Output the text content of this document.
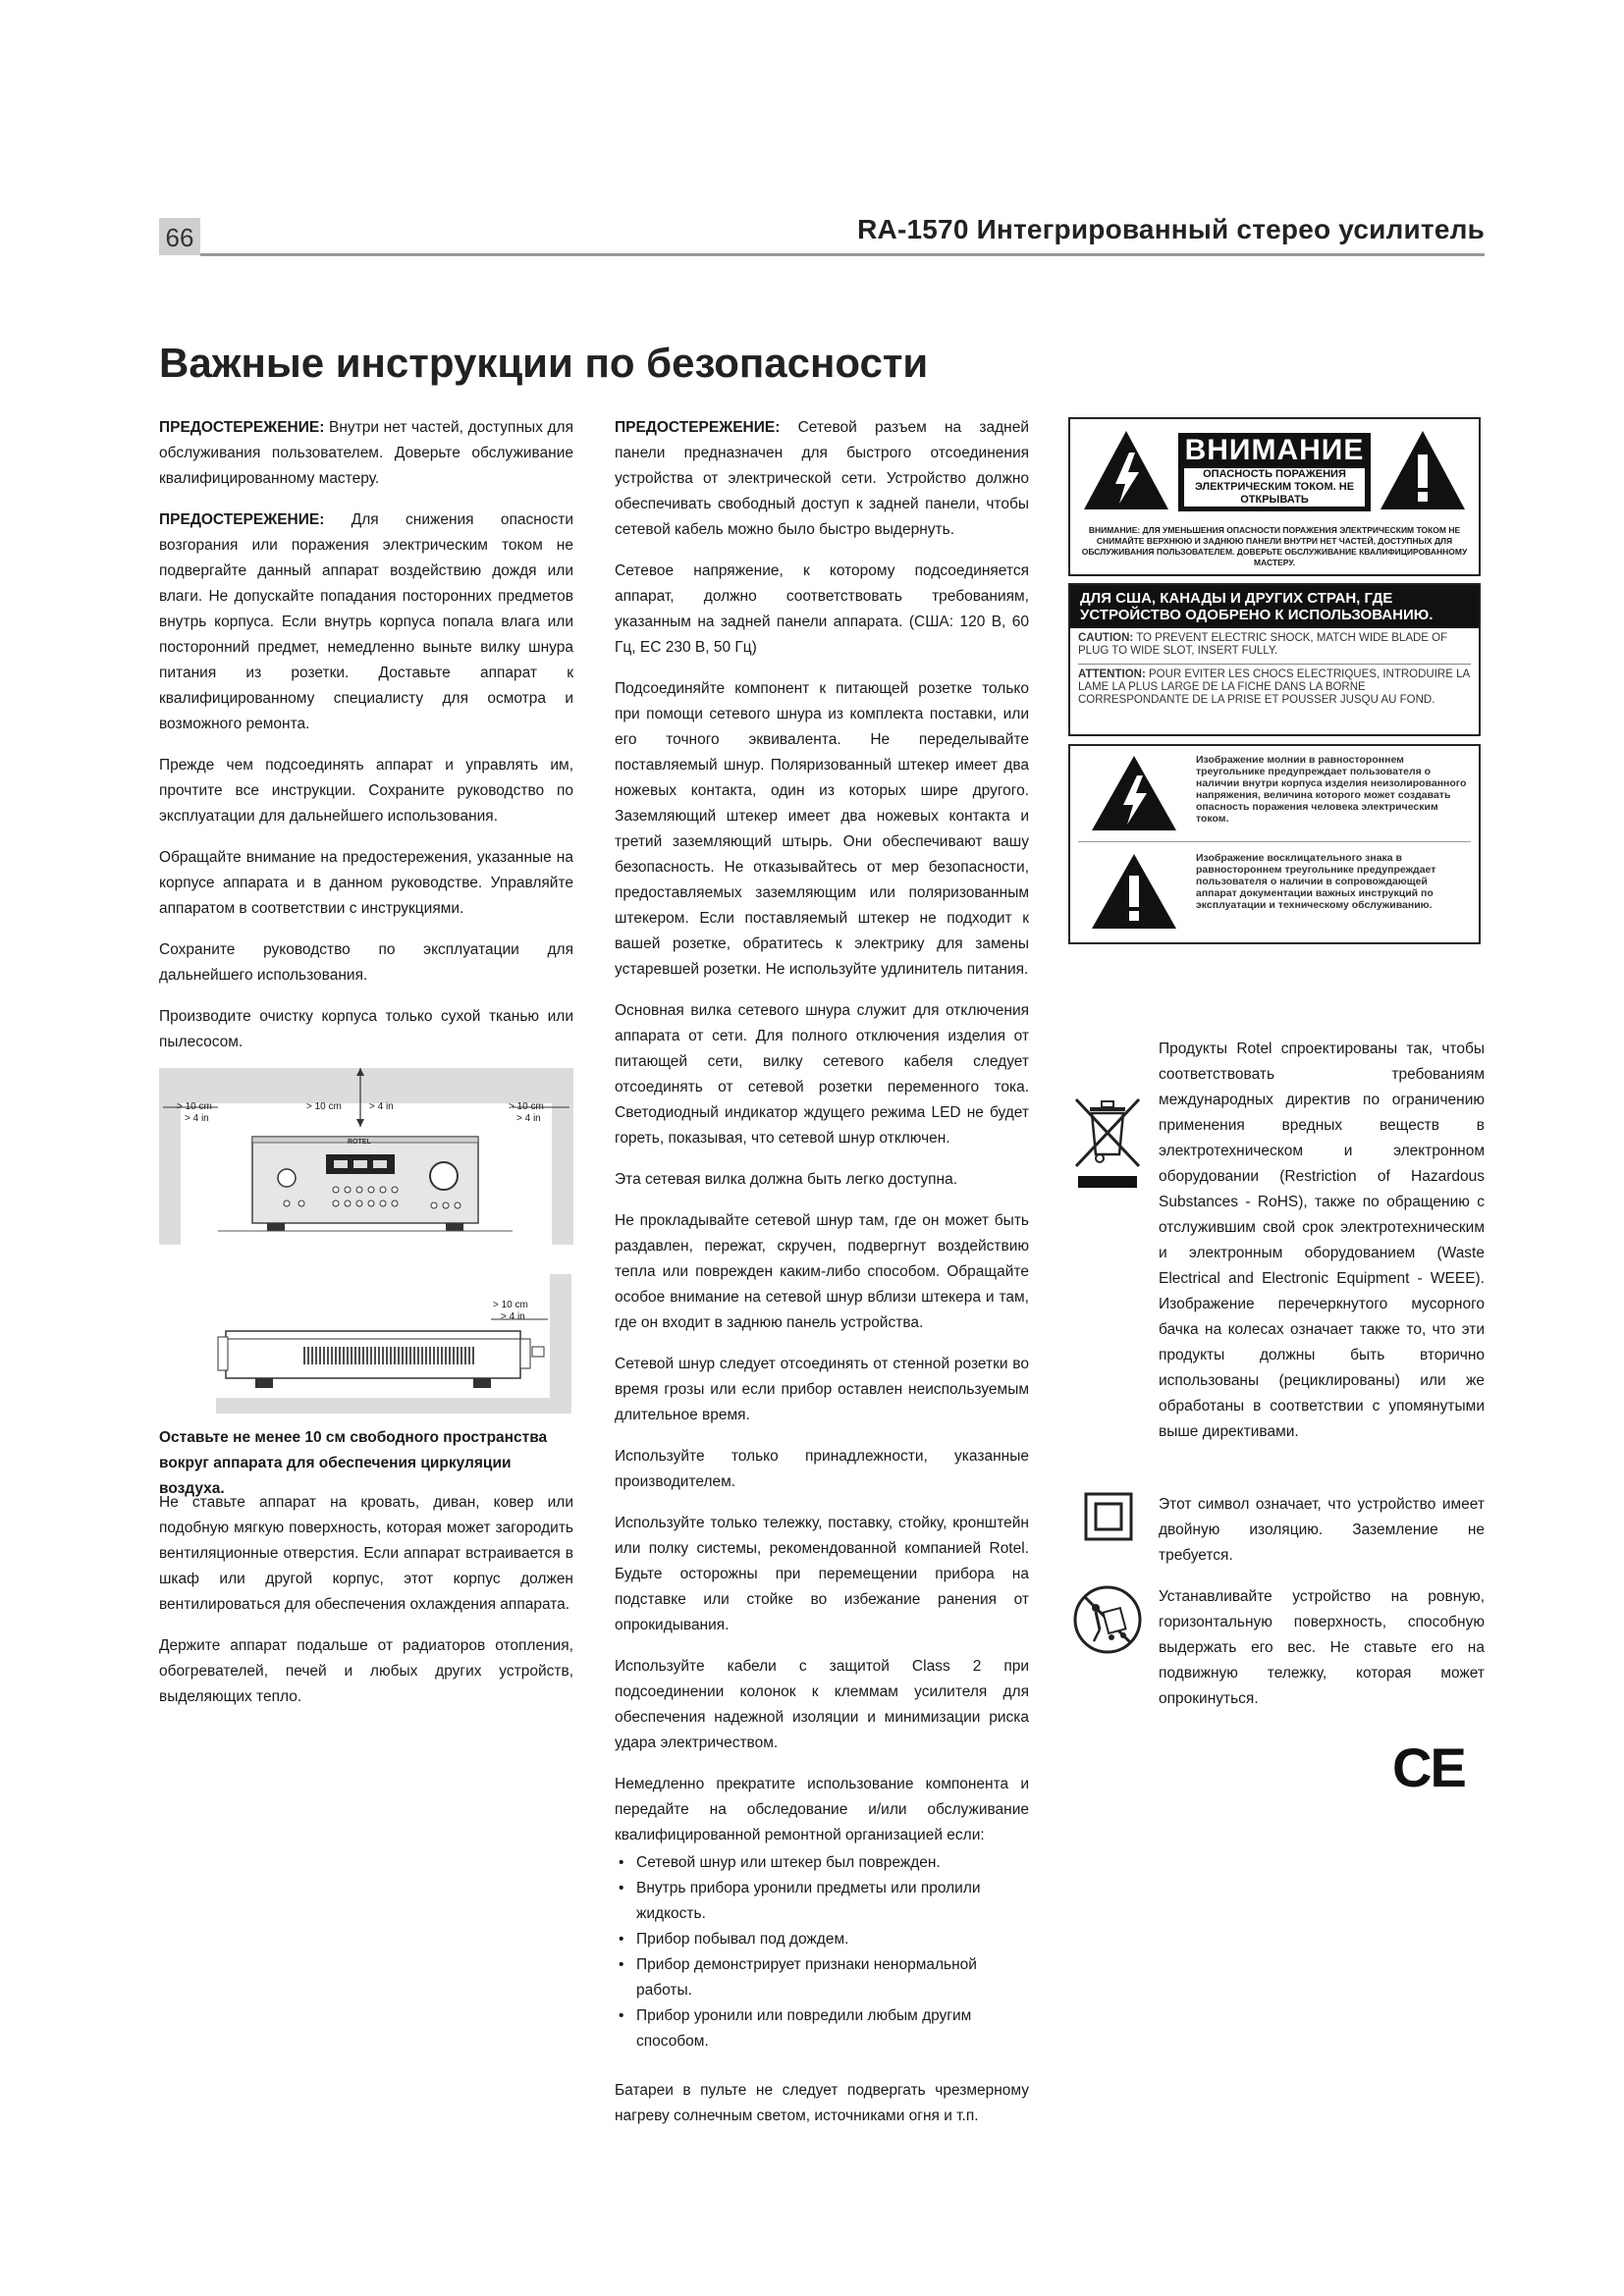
66	RA-1570 Интегрированный стерео усилитель
Важные инструкции по безопасности

ПРЕДОСТЕРЕЖЕНИЕ: Внутри нет частей, доступных для обслуживания пользователем. Доверьте обслуживание квалифицированному мастеру.

ПРЕДОСТЕРЕЖЕНИЕ: Для снижения опасности возгорания или поражения электрическим током не подвергайте данный аппарат воздействию дождя или влаги. Не допускайте попадания посторонних предметов внутрь корпуса. Если внутрь корпуса попала влага или посторонний предмет, немедленно выньте вилку шнура питания из розетки. Доставьте аппарат к квалифицированному специалисту для осмотра и возможного ремонта.

Прежде чем подсоединять аппарат и управлять им, прочтите все инструкции. Сохраните руководство по эксплуатации для дальнейшего использования.

Обращайте внимание на предостережения, указанные на корпусе аппарата и в данном руководстве. Управляйте аппаратом в соответствии с инструкциями.

Сохраните руководство по эксплуатации для дальнейшего использования.

Производите очистку корпуса только сухой тканью или пылесосом.

> 10 cm
> 4 in
> 10 cm	> 4 in	> 10 cm
> 4 in
ROTEL
> 10 cm
> 4 in
Оставьте не менее 10 см свободного пространства вокруг аппарата для обеспечения циркуляции воздуха.

Не ставьте аппарат на кровать, диван, ковер или подобную мягкую поверхность, которая может загородить вентиляционные отверстия. Если аппарат встраивается в шкаф или другой корпус, этот корпус должен вентилироваться для обеспечения охлаждения аппарата.

Держите аппарат подальше от радиаторов отопления, обогревателей, печей и любых других устройств, выделяющих тепло.

ПРЕДОСТЕРЕЖЕНИЕ: Сетевой разъем на задней панели предназначен для быстрого отсоединения устройства от электрической сети. Устройство должно обеспечивать свободный доступ к задней панели, чтобы сетевой кабель можно было быстро выдернуть.

Сетевое напряжение, к которому подсоединяется аппарат, должно соответствовать требованиям, указанным на задней панели аппарата. (США: 120 В, 60 Гц, ЕС 230 В, 50 Гц)

Подсоединяйте компонент к питающей розетке только при помощи сетевого шнура из комплекта поставки, или его точного эквивалента. Не переделывайте поставляемый шнур. Поляризованный штекер имеет два ножевых контакта, один из которых шире другого. Заземляющий штекер имеет два ножевых контакта и третий заземляющий штырь. Они обеспечивают вашу безопасность. Не отказывайтесь от мер безопасности, предоставляемых заземляющим или поляризованным штекером. Если поставляемый штекер не подходит к вашей розетке, обратитесь к электрику для замены устаревшей розетки. Не используйте удлинитель питания.

Основная вилка сетевого шнура служит для отключения аппарата от сети. Для полного отключения изделия от питающей сети, вилку сетевого кабеля следует отсоединять от сетевой розетки переменного тока. Светодиодный индикатор ждущего режима LED не будет гореть, показывая, что сетевой шнур отключен.

Эта сетевая вилка должна быть легко доступна.

Не прокладывайте сетевой шнур там, где он может быть раздавлен, пережат, скручен, подвергнут воздействию тепла или поврежден каким-либо способом. Обращайте особое внимание на сетевой шнур вблизи штекера и там, где он входит в заднюю панель устройства.

Сетевой шнур следует отсоединять от стенной розетки во время грозы или если прибор оставлен неиспользуемым длительное время.

Используйте только принадлежности, указанные производителем.

Используйте только тележку, поставку, стойку, кронштейн или полку системы, рекомендованной компанией Rotel. Будьте осторожны при перемещении прибора на подставке или стойке во избежание ранения от опрокидывания.

Используйте кабели с защитой Class 2 при подсоединении колонок к клеммам усилителя для обеспечения надежной изоляции и минимизации риска удара электричеством.

Немедленно прекратите использование компонента и передайте на обследование и/или обслуживание квалифицированной ремонтной организацией если:

• Сетевой шнур или штекер был поврежден.
• Внутрь прибора уронили предметы или пролили жидкость.
• Прибор побывал под дождем.
• Прибор демонстрирует признаки ненормальной работы.
• Прибор уронили или повредили любым другим способом.

Батареи в пульте не следует подвергать чрезмерному нагреву солнечным светом, источниками огня и т.п.

ВНИМАНИЕ
ОПАСНОСТЬ ПОРАЖЕНИЯ ЭЛЕКТРИЧЕСКИМ ТОКОМ. НЕ ОТКРЫВАТЬ
ВНИМАНИЕ: ДЛЯ УМЕНЬШЕНИЯ ОПАСНОСТИ ПОРАЖЕНИЯ ЭЛЕКТРИЧЕСКИМ ТОКОМ НЕ СНИМАЙТЕ ВЕРХНЮЮ И ЗАДНЮЮ ПАНЕЛИ ВНУТРИ НЕТ ЧАСТЕЙ, ДОСТУПНЫХ ДЛЯ ОБСЛУЖИВАНИЯ ПОЛЬЗОВАТЕЛЕМ. ДОВЕРЬТЕ ОБСЛУЖИВАНИЕ КВАЛИФИЦИРОВАННОМУ МАСТЕРУ.
ДЛЯ США, КАНАДЫ И ДРУГИХ СТРАН, ГДЕ УСТРОЙСТВО ОДОБРЕНО К ИСПОЛЬЗОВАНИЮ.
CAUTION: TO PREVENT ELECTRIC SHOCK, MATCH WIDE BLADE OF PLUG TO WIDE SLOT, INSERT FULLY.
ATTENTION: POUR EVITER LES CHOCS ELECTRIQUES, INTRODUIRE LA LAME LA PLUS LARGE DE LA FICHE DANS LA BORNE CORRESPONDANTE DE LA PRISE ET POUSSER JUSQU AU FOND.
Изображение молнии в равностороннем треугольнике предупреждает пользователя о наличии внутри корпуса изделия неизолированного напряжения, величина которого может создавать опасность поражения человека электрическим током.
Изображение восклицательного знака в равностороннем треугольнике предупреждает пользователя о наличии в сопровождающей аппарат документации важных инструкций по эксплуатации и техническому обслуживанию.

Продукты Rotel спроектированы так, чтобы соответствовать требованиям международных директив по ограничению применения вредных веществ в электротехническом и электронном оборудовании (Restriction of Hazardous Substances - RoHS), также по обращению с отслужившим свой срок электротехническим и электронным оборудованием (Waste Electrical and Electronic Equipment - WEEE). Изображение перечеркнутого мусорного бачка на колесах означает также то, что эти продукты должны быть вторично использованы (рециклированы) или же обработаны в соответствии с упомянутыми выше директивами.

Этот символ означает, что устройство имеет двойную изоляцию. Заземление не требуется.

Устанавливайте устройство на ровную, горизонтальную поверхность, способную выдержать его вес. Не ставьте его на подвижную тележку, которая может опрокинуться.

CE
